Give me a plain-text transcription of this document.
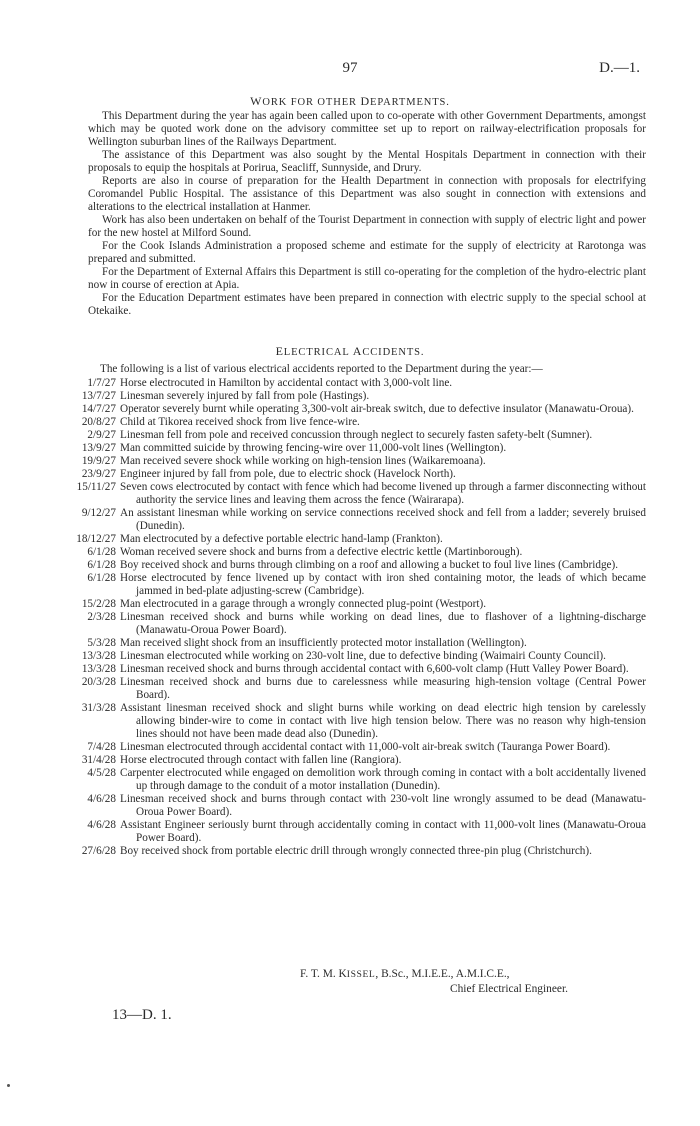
97	D.—1.
WORK FOR OTHER DEPARTMENTS.

This Department during the year has again been called upon to co-operate with other Government Departments, amongst which may be quoted work done on the advisory committee set up to report on railway-electrification proposals for Wellington suburban lines of the Railways Department.

The assistance of this Department was also sought by the Mental Hospitals Department in connection with their proposals to equip the hospitals at Porirua, Seacliff, Sunnyside, and Drury.

Reports are also in course of preparation for the Health Department in connection with proposals for electrifying Coromandel Public Hospital. The assistance of this Department was also sought in connection with extensions and alterations to the electrical installation at Hanmer.

Work has also been undertaken on behalf of the Tourist Department in connection with supply of electric light and power for the new hostel at Milford Sound.

For the Cook Islands Administration a proposed scheme and estimate for the supply of electricity at Rarotonga was prepared and submitted.

For the Department of External Affairs this Department is still co-operating for the completion of the hydro-electric plant now in course of erection at Apia.

For the Education Department estimates have been prepared in connection with electric supply to the special school at Otekaike.

ELECTRICAL ACCIDENTS.
The following is a list of various electrical accidents reported to the Department during the year:—
1/7/27 Horse electrocuted in Hamilton by accidental contact with 3,000-volt line.
13/7/27 Linesman severely injured by fall from pole (Hastings).
14/7/27 Operator severely burnt while operating 3,300-volt air-break switch, due to defective insulator (Manawatu-Oroua).
20/8/27 Child at Tikorea received shock from live fence-wire.
2/9/27 Linesman fell from pole and received concussion through neglect to securely fasten safety-belt (Sumner).
13/9/27 Man committed suicide by throwing fencing-wire over 11,000-volt lines (Wellington).
19/9/27 Man received severe shock while working on high-tension lines (Waikaremoana).
23/9/27 Engineer injured by fall from pole, due to electric shock (Havelock North).
15/11/27 Seven cows electrocuted by contact with fence which had become livened up through a farmer disconnecting without authority the service lines and leaving them across the fence (Wairarapa).
9/12/27 An assistant linesman while working on service connections received shock and fell from a ladder; severely bruised (Dunedin).
18/12/27 Man electrocuted by a defective portable electric hand-lamp (Frankton).
6/1/28 Woman received severe shock and burns from a defective electric kettle (Martinborough).
6/1/28 Boy received shock and burns through climbing on a roof and allowing a bucket to foul live lines (Cambridge).
6/1/28 Horse electrocuted by fence livened up by contact with iron shed containing motor, the leads of which became jammed in bed-plate adjusting-screw (Cambridge).
15/2/28 Man electrocuted in a garage through a wrongly connected plug-point (Westport).
2/3/28 Linesman received shock and burns while working on dead lines, due to flashover of a lightning-discharge (Manawatu-Oroua Power Board).
5/3/28 Man received slight shock from an insufficiently protected motor installation (Wellington).
13/3/28 Linesman electrocuted while working on 230-volt line, due to defective binding (Waimairi County Council).
13/3/28 Linesman received shock and burns through accidental contact with 6,600-volt clamp (Hutt Valley Power Board).
20/3/28 Linesman received shock and burns due to carelessness while measuring high-tension voltage (Central Power Board).
31/3/28 Assistant linesman received shock and slight burns while working on dead electric high tension by carelessly allowing binder-wire to come in contact with live high tension below. There was no reason why high-tension lines should not have been made dead also (Dunedin).
7/4/28 Linesman electrocuted through accidental contact with 11,000-volt air-break switch (Tauranga Power Board).
31/4/28 Horse electrocuted through contact with fallen line (Rangiora).
4/5/28 Carpenter electrocuted while engaged on demolition work through coming in contact with a bolt accidentally livened up through damage to the conduit of a motor installation (Dunedin).
4/6/28 Linesman received shock and burns through contact with 230-volt line wrongly assumed to be dead (Manawatu-Oroua Power Board).
4/6/28 Assistant Engineer seriously burnt through accidentally coming in contact with 11,000-volt lines (Manawatu-Oroua Power Board).
27/6/28 Boy received shock from portable electric drill through wrongly connected three-pin plug (Christchurch).
F. T. M. KISSEL, B.Sc., M.I.E.E., A.M.I.C.E.,
Chief Electrical Engineer.
13—D. 1.
